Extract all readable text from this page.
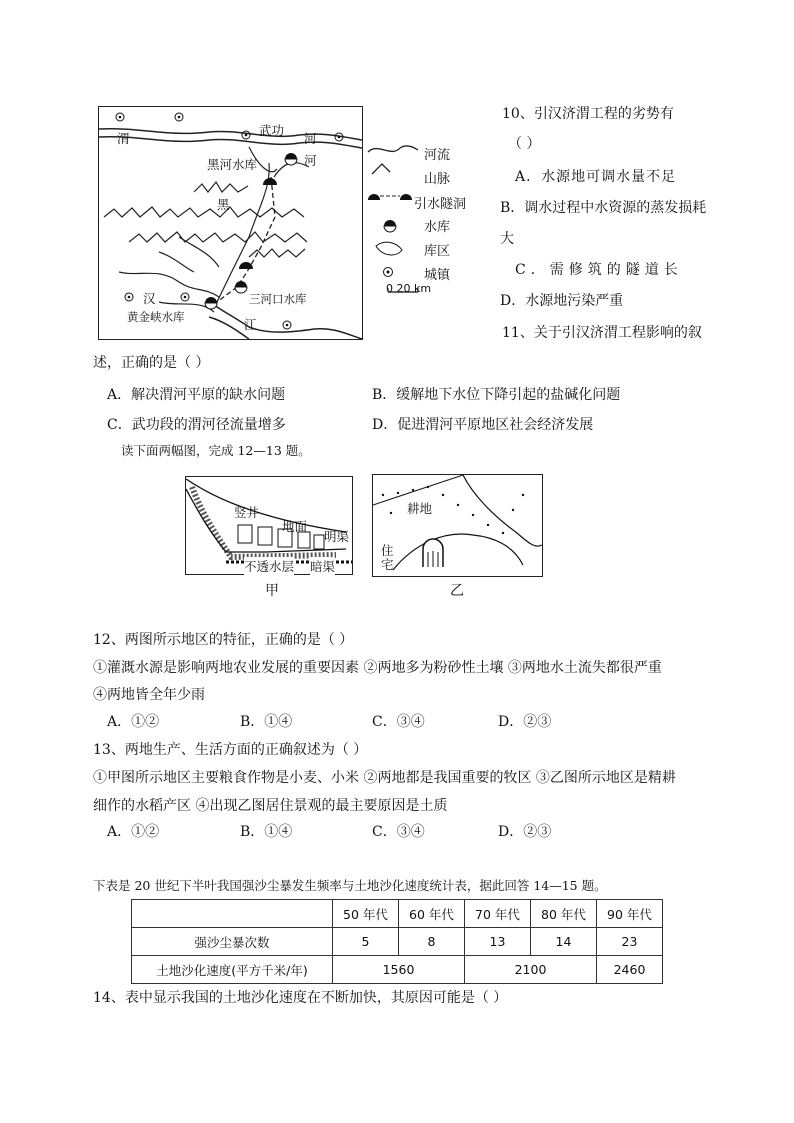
渭
武功
河
黑河水库	河
黑
汉	三河口水库
黄金峡水库	江
河流
山脉
引水隧洞
水库
库区
城镇
0 20 km
10、引汉济渭工程的劣势有
（ ）
A．水源地可调水量不足
B．调水过程中水资源的蒸发损耗
大
C．需修筑的隧道长
D．水源地污染严重
11、关于引汉济渭工程影响的叙
述，正确的是（ ）
A．解决渭河平原的缺水问题	B．缓解地下水位下降引起的盐碱化问题
C．武功段的渭河径流量增多	D．促进渭河平原地区社会经济发展
读下面两幅图，完成 12—13 题。
竖井
地面
明渠
不透水层 暗渠
甲
耕地
住
宅
乙
12、两图所示地区的特征，正确的是（ ）
①灌溉水源是影响两地农业发展的重要因素 ②两地多为粉砂性土壤 ③两地水土流失都很严重
④两地皆全年少雨
A．①②	B．①④	C．③④	D．②③
13、两地生产、生活方面的正确叙述为（ ）
①甲图所示地区主要粮食作物是小麦、小米 ②两地都是我国重要的牧区 ③乙图所示地区是精耕
细作的水稻产区 ④出现乙图居住景观的最主要原因是土质
A．①②	B．①④	C．③④	D．②③
下表是 20 世纪下半叶我国强沙尘暴发生频率与土地沙化速度统计表，据此回答 14—15 题。
	50 年代	60 年代	70 年代	80 年代	90 年代
强沙尘暴次数	5	8	13	14	23
土地沙化速度(平方千米/年)	1560		2100		2460
14、表中显示我国的土地沙化速度在不断加快，其原因可能是（ ）
